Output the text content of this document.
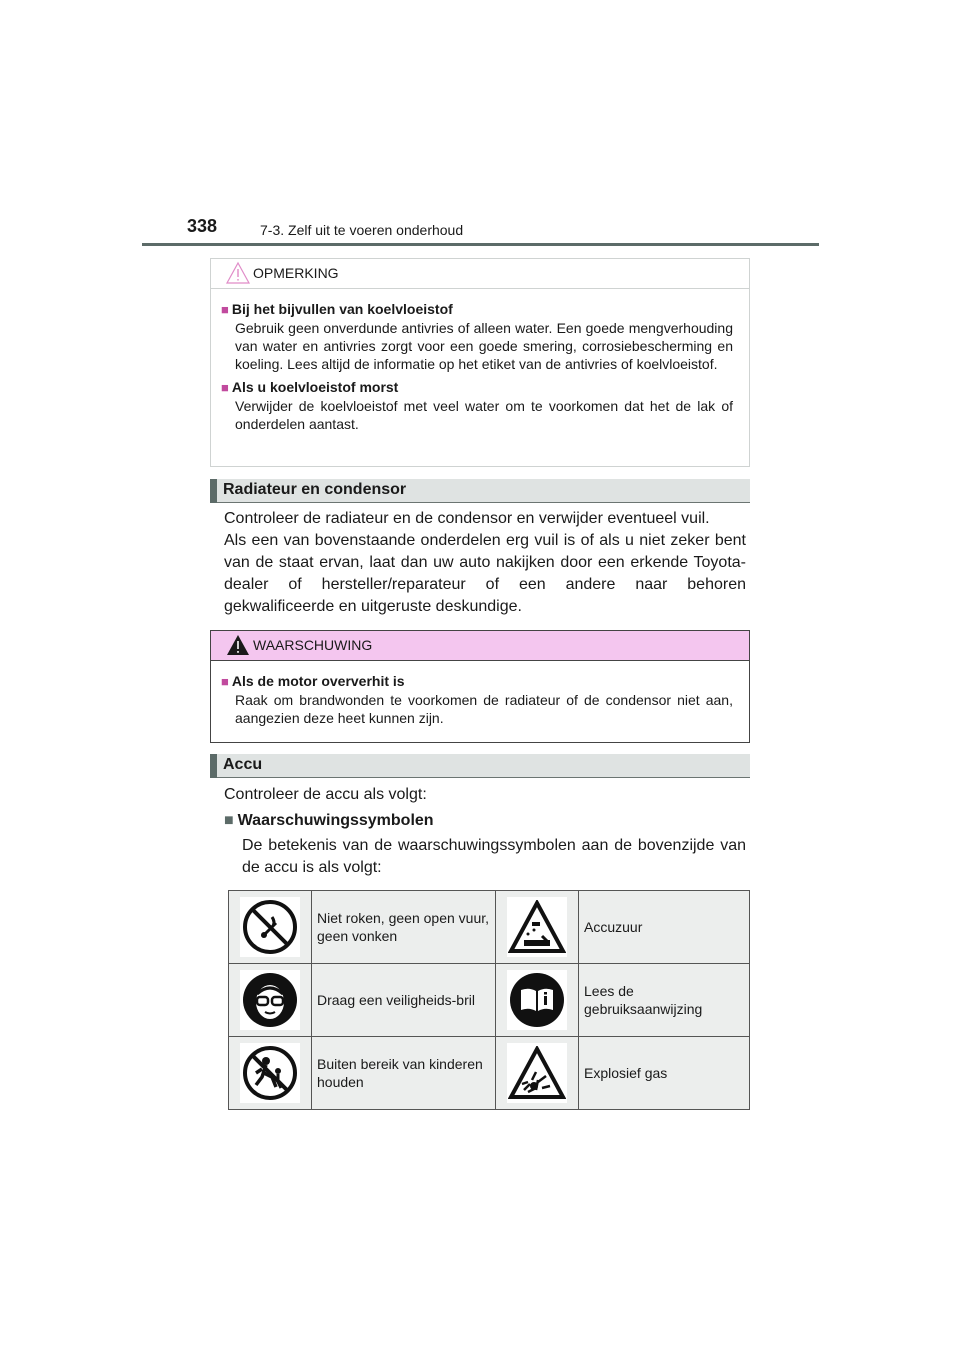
338	7-3. Zelf uit te voeren onderhoud
OPMERKING
■ Bij het bijvullen van koelvloeistof
Gebruik geen onverdunde antivries of alleen water. Een goede mengverhouding van water en antivries zorgt voor een goede smering, corrosiebescherming en koeling. Lees altijd de informatie op het etiket van de antivries of koelvloeistof.
■ Als u koelvloeistof morst
Verwijder de koelvloeistof met veel water om te voorkomen dat het de lak of onderdelen aantast.
Radiateur en condensor
Controleer de radiateur en de condensor en verwijder eventueel vuil.
Als een van bovenstaande onderdelen erg vuil is of als u niet zeker bent van de staat ervan, laat dan uw auto nakijken door een erkende Toyota-dealer of hersteller/reparateur of een andere naar behoren gekwalificeerde en uitgeruste deskundige.
WAARSCHUWING
■ Als de motor oververhit is
Raak om brandwonden te voorkomen de radiateur of de condensor niet aan, aangezien deze heet kunnen zijn.
Accu
Controleer de accu als volgt:
■ Waarschuwingssymbolen
De betekenis van de waarschuwingssymbolen aan de bovenzijde van de accu is als volgt:
	Niet roken, geen open vuur, geen vonken		Accuzuur

	Draag een veiligheids-bril		Lees de gebruiksaanwijzing

	Buiten bereik van kinderen houden		Explosief gas
